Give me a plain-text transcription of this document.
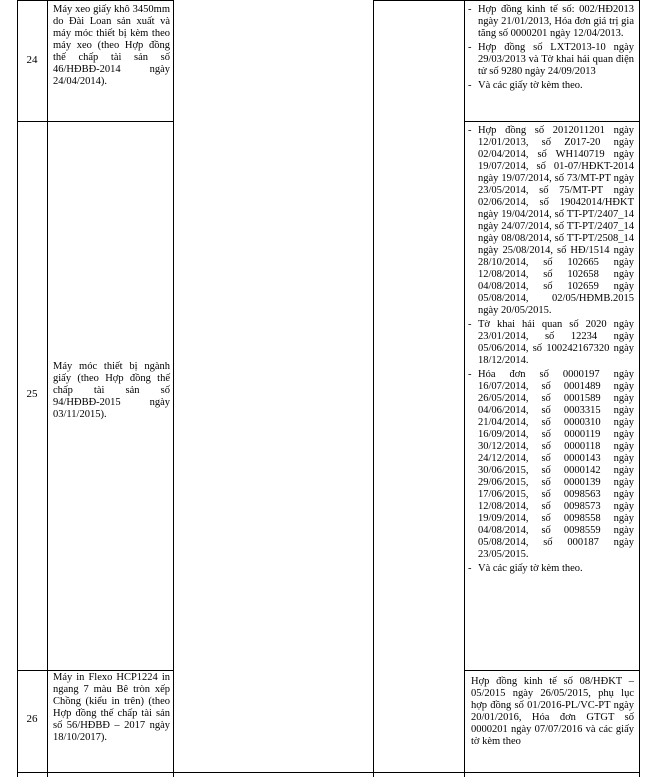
24
Máy xeo giấy khô 3450mm do Đài Loan sản xuất và máy móc thiết bị kèm theo máy xeo (theo Hợp đồng thế chấp tài sản số 46/HĐBĐ-2014 ngày 24/04/2014).
- Hợp đồng kinh tế số: 002/HĐ2013 ngày 21/01/2013, Hóa đơn giá trị gia tăng số 0000201 ngày 12/04/2013.
- Hợp đồng số LXT2013-10 ngày 29/03/2013 và Tờ khai hải quan điện tử số 9280 ngày 24/09/2013
- Và các giấy tờ kèm theo.
25
Máy móc thiết bị ngành giấy (theo Hợp đồng thế chấp tài sản số 94/HĐBĐ-2015 ngày 03/11/2015).
- Hợp đồng số 2012011201 ngày 12/01/2013, số Z017-20 ngày 02/04/2014, số WH140719 ngày 19/07/2014, số 01-07/HĐKT-2014 ngày 19/07/2014, số 73/MT-PT ngày 23/05/2014, số 75/MT-PT ngày 02/06/2014, số 19042014/HĐKT ngày 19/04/2014, số TT-PT/2407_14 ngày 24/07/2014, số TT-PT/2407_14 ngày 08/08/2014, số TT-PT/2508_14 ngày 25/08/2014, số HĐ/1514 ngày 28/10/2014, số 102665 ngày 12/08/2014, số 102658 ngày 04/08/2014, số 102659 ngày 05/08/2014, 02/05/HĐMB.2015 ngày 20/05/2015.
- Tờ khai hải quan số 2020 ngày 23/01/2014, số 12234 ngày 05/06/2014, số 100242167320 ngày 18/12/2014.
- Hóa đơn số 0000197 ngày 16/07/2014, số 0001489 ngày 26/05/2014, số 0001589 ngày 04/06/2014, số 0003315 ngày 21/04/2014, số 0000310 ngày 16/09/2014, số 0000119 ngày 30/12/2014, số 0000118 ngày 24/12/2014, số 0000143 ngày 30/06/2015, số 0000142 ngày 29/06/2015, số 0000139 ngày 17/06/2015, số 0098563 ngày 12/08/2014, số 0098573 ngày 19/09/2014, số 0098558 ngày 04/08/2014, số 0098559 ngày 05/08/2014, số 000187 ngày 23/05/2015.
- Và các giấy tờ kèm theo.
26
Máy in Flexo HCP1224 in ngang 7 màu Bê tròn xếp Chồng (kiểu in trên) (theo Hợp đồng thế chấp tài sản số 56/HĐBĐ – 2017 ngày 18/10/2017).
Hợp đồng kinh tế số 08/HĐKT – 05/2015 ngày 26/05/2015, phụ lục hợp đồng số 01/2016-PL/VC-PT ngày 20/01/2016, Hóa đơn GTGT số 0000201 ngày 07/07/2016 và các giấy tờ kèm theo
